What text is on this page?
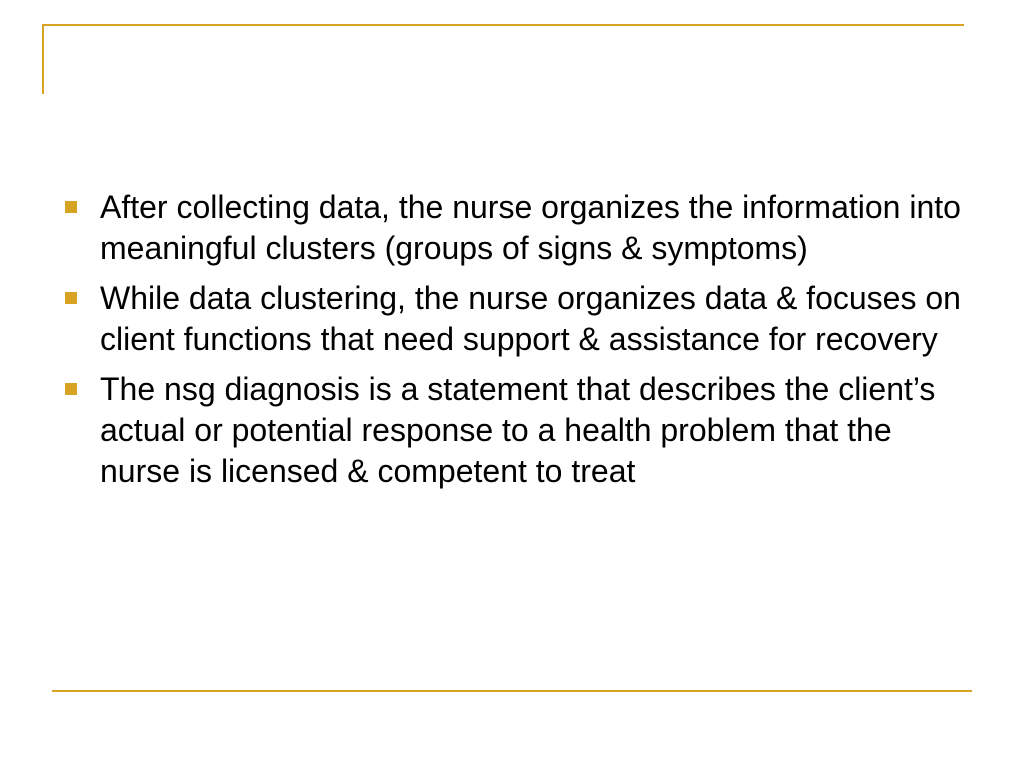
After collecting data, the nurse organizes the information into meaningful clusters (groups of signs & symptoms)
While data clustering, the nurse organizes data & focuses on client functions that need support & assistance for recovery
The nsg diagnosis is a statement that describes the client’s actual or potential response to a health problem that the nurse is licensed & competent to treat
